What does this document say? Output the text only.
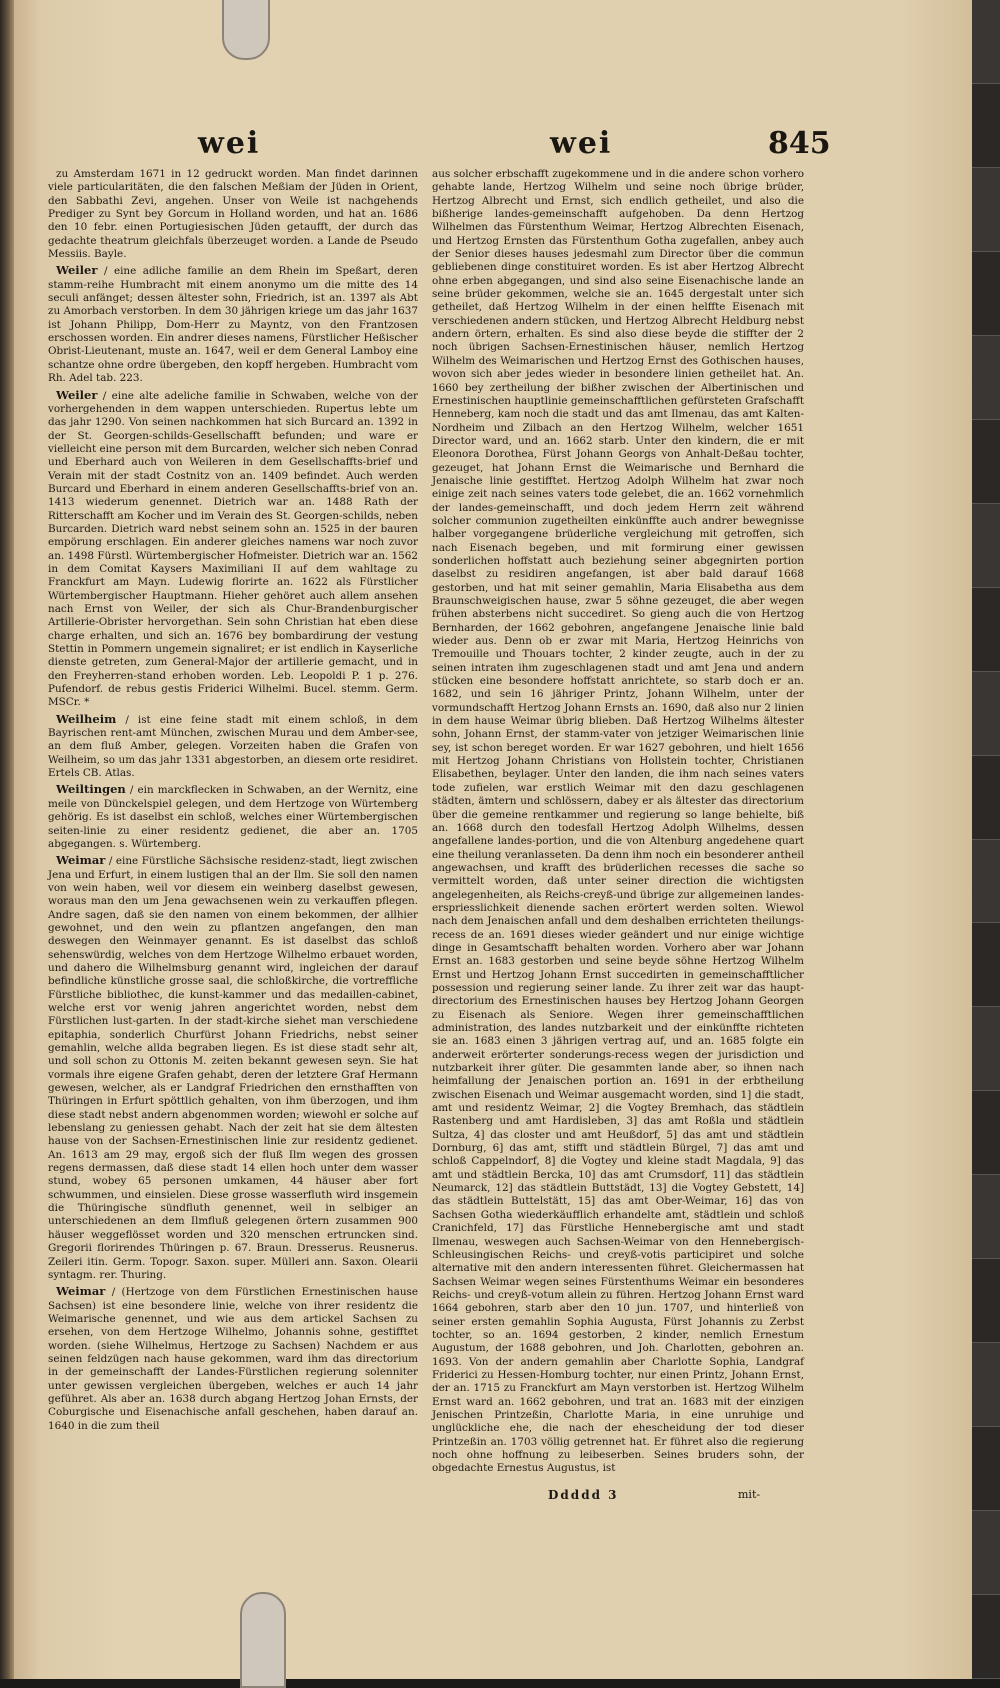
wei	wei	845

zu Amsterdam 1671 in 12 gedruckt worden. Man findet darinnen viele particularitäten, die den falschen Meßiam der Jüden in Orient, den Sabbathi Zevi, angehen. Unser von Weile ist nachgehends Prediger zu Synt bey Gorcum in Holland worden, und hat an. 1686 den 10 febr. einen Portugiesischen Jüden getaufft, der durch das gedachte theatrum gleichfals überzeuget worden. a Lande de Pseudo Messiis. Bayle.

Weiler / eine adliche familie an dem Rhein im Speßart, deren stamm-reihe Humbracht mit einem anonymo um die mitte des 14 seculi anfänget; dessen ältester sohn, Friedrich, ist an. 1397 als Abt zu Amorbach verstorben. In dem 30 jährigen kriege um das jahr 1637 ist Johann Philipp, Dom-Herr zu Mayntz, von den Frantzosen erschossen worden. Ein andrer dieses namens, Fürstlicher Heßischer Obrist-Lieutenant, muste an. 1647, weil er dem General Lamboy eine schantze ohne ordre übergeben, den kopff hergeben. Humbracht vom Rh. Adel tab. 223.

Weiler / eine alte adeliche familie in Schwaben, welche von der vorhergehenden in dem wappen unterschieden. Rupertus lebte um das jahr 1290. Von seinen nachkommen hat sich Burcard an. 1392 in der St. Georgen-schilds-Gesellschafft befunden; und ware er vielleicht eine person mit dem Burcarden, welcher sich neben Conrad und Eberhard auch von Weileren in dem Gesellschaffts-brief und Verain mit der stadt Costnitz von an. 1409 befindet. Auch werden Burcard und Eberhard in einem anderen Gesellschaffts-brief von an. 1413 wiederum genennet. Dietrich war an. 1488 Rath der Ritterschafft am Kocher und im Verain des St. Georgen-schilds, neben Burcarden. Dietrich ward nebst seinem sohn an. 1525 in der bauren empörung erschlagen. Ein anderer gleiches namens war noch zuvor an. 1498 Fürstl. Würtembergischer Hofmeister. Dietrich war an. 1562 in dem Comitat Kaysers Maximiliani II auf dem wahltage zu Franckfurt am Mayn. Ludewig florirte an. 1622 als Fürstlicher Würtembergischer Hauptmann. Hieher gehöret auch allem ansehen nach Ernst von Weiler, der sich als Chur-Brandenburgischer Artillerie-Obrister hervorgethan. Sein sohn Christian hat eben diese charge erhalten, und sich an. 1676 bey bombardirung der vestung Stettin in Pommern ungemein signaliret; er ist endlich in Kayserliche dienste getreten, zum General-Major der artillerie gemacht, und in den Freyherren-stand erhoben worden. Leb. Leopoldi P. 1 p. 276. Pufendorf. de rebus gestis Friderici Wilhelmi. Bucel. stemm. Germ. MSCr. *

Weilheim / ist eine feine stadt mit einem schloß, in dem Bayrischen rent-amt München, zwischen Murau und dem Amber-see, an dem fluß Amber, gelegen. Vorzeiten haben die Grafen von Weilheim, so um das jahr 1331 abgestorben, an diesem orte residiret. Ertels CB. Atlas.

Weiltingen / ein marckflecken in Schwaben, an der Wernitz, eine meile von Dünckelspiel gelegen, und dem Hertzoge von Würtemberg gehörig. Es ist daselbst ein schloß, welches einer Würtembergischen seiten-linie zu einer residentz gedienet, die aber an. 1705 abgegangen. s. Würtemberg.

Weimar / eine Fürstliche Sächsische residenz-stadt, liegt zwischen Jena und Erfurt, in einem lustigen thal an der Ilm. Sie soll den namen von wein haben, weil vor diesem ein weinberg daselbst gewesen, woraus man den um Jena gewachsenen wein zu verkauffen pflegen. Andre sagen, daß sie den namen von einem bekommen, der allhier gewohnet, und den wein zu pflantzen angefangen, den man deswegen den Weinmayer genannt. Es ist daselbst das schloß sehenswürdig, welches von dem Hertzoge Wilhelmo erbauet worden, und dahero die Wilhelmsburg genannt wird, ingleichen der darauf befindliche künstliche grosse saal, die schloßkirche, die vortreffliche Fürstliche bibliothec, die kunst-kammer und das medaillen-cabinet, welche erst vor wenig jahren angerichtet worden, nebst dem Fürstlichen lust-garten. In der stadt-kirche siehet man verschiedene epitaphia, sonderlich Churfürst Johann Friedrichs, nebst seiner gemahlin, welche allda begraben liegen. Es ist diese stadt sehr alt, und soll schon zu Ottonis M. zeiten bekannt gewesen seyn. Sie hat vormals ihre eigene Grafen gehabt, deren der letztere Graf Hermann gewesen, welcher, als er Landgraf Friedrichen den ernsthafften von Thüringen in Erfurt spöttlich gehalten, von ihm überzogen, und ihm diese stadt nebst andern abgenommen worden; wiewohl er solche auf lebenslang zu geniessen gehabt. Nach der zeit hat sie dem ältesten hause von der Sachsen-Ernestinischen linie zur residentz gedienet. An. 1613 am 29 may, ergoß sich der fluß Ilm wegen des grossen regens dermassen, daß diese stadt 14 ellen hoch unter dem wasser stund, wobey 65 personen umkamen, 44 häuser aber fort schwummen, und einsielen. Diese grosse wasserfluth wird insgemein die Thüringische sündfluth genennet, weil in selbiger an unterschiedenen an dem Ilmfluß gelegenen örtern zusammen 900 häuser weggeflösset worden und 320 menschen ertruncken sind. Gregorii florirendes Thüringen p. 67. Braun. Dresserus. Reusnerus. Zeileri itin. Germ. Topogr. Saxon. super. Mülleri ann. Saxon. Olearii syntagm. rer. Thuring.

Weimar / (Hertzoge von dem Fürstlichen Ernestinischen hause Sachsen) ist eine besondere linie, welche von ihrer residentz die Weimarische genennet, und wie aus dem artickel Sachsen zu ersehen, von dem Hertzoge Wilhelmo, Johannis sohne, gestifftet worden. (siehe Wilhelmus, Hertzoge zu Sachsen) Nachdem er aus seinen feldzügen nach hause gekommen, ward ihm das directorium in der gemeinschafft der Landes-Fürstlichen regierung solenniter unter gewissen vergleichen übergeben, welches er auch 14 jahr geführet. Als aber an. 1638 durch abgang Hertzog Johan Ernsts, der Coburgische und Eisenachische anfall geschehen, haben darauf an. 1640 in die zum theil

aus solcher erbschafft zugekommene und in die andere schon vorhero gehabte lande, Hertzog Wilhelm und seine noch übrige brüder, Hertzog Albrecht und Ernst, sich endlich getheilet, und also die bißherige landes-gemeinschafft aufgehoben. Da denn Hertzog Wilhelmen das Fürstenthum Weimar, Hertzog Albrechten Eisenach, und Hertzog Ernsten das Fürstenthum Gotha zugefallen, anbey auch der Senior dieses hauses jedesmahl zum Director über die commun gebliebenen dinge constituiret worden. Es ist aber Hertzog Albrecht ohne erben abgegangen, und sind also seine Eisenachische lande an seine brüder gekommen, welche sie an. 1645 dergestalt unter sich getheilet, daß Hertzog Wilhelm in der einen helffte Eisenach mit verschiedenen andern stücken, und Hertzog Albrecht Heldburg nebst andern örtern, erhalten. Es sind also diese beyde die stiffter der 2 noch übrigen Sachsen-Ernestinischen häuser, nemlich Hertzog Wilhelm des Weimarischen und Hertzog Ernst des Gothischen hauses, wovon sich aber jedes wieder in besondere linien getheilet hat. An. 1660 bey zertheilung der bißher zwischen der Albertinischen und Ernestinischen hauptlinie gemeinschafftlichen gefürsteten Grafschafft Henneberg, kam noch die stadt und das amt Ilmenau, das amt Kalten-Nordheim und Zilbach an den Hertzog Wilhelm, welcher 1651 Director ward, und an. 1662 starb. Unter den kindern, die er mit Eleonora Dorothea, Fürst Johann Georgs von Anhalt-Deßau tochter, gezeuget, hat Johann Ernst die Weimarische und Bernhard die Jenaische linie gestifftet. Hertzog Adolph Wilhelm hat zwar noch einige zeit nach seines vaters tode gelebet, die an. 1662 vornehmlich der landes-gemeinschafft, und doch jedem Herrn zeit während solcher communion zugetheilten einkünffte auch andrer bewegnisse halber vorgegangene brüderliche vergleichung mit getroffen, sich nach Eisenach begeben, und mit formirung einer gewissen sonderlichen hoffstatt auch beziehung seiner abgegnirten portion daselbst zu residiren angefangen, ist aber bald darauf 1668 gestorben, und hat mit seiner gemahlin, Maria Elisabetha aus dem Braunschweigischen hause, zwar 5 söhne gezeuget, die aber wegen frühen absterbens nicht succediret. So gieng auch die von Hertzog Bernharden, der 1662 gebohren, angefangene Jenaische linie bald wieder aus. Denn ob er zwar mit Maria, Hertzog Heinrichs von Tremouille und Thouars tochter, 2 kinder zeugte, auch in der zu seinen intraten ihm zugeschlagenen stadt und amt Jena und andern stücken eine besondere hoffstatt anrichtete, so starb doch er an. 1682, und sein 16 jähriger Printz, Johann Wilhelm, unter der vormundschafft Hertzog Johann Ernsts an. 1690, daß also nur 2 linien in dem hause Weimar übrig blieben. Daß Hertzog Wilhelms ältester sohn, Johann Ernst, der stamm-vater von jetziger Weimarischen linie sey, ist schon bereget worden. Er war 1627 gebohren, und hielt 1656 mit Hertzog Johann Christians von Hollstein tochter, Christianen Elisabethen, beylager. Unter den landen, die ihm nach seines vaters tode zufielen, war erstlich Weimar mit den dazu geschlagenen städten, ämtern und schlössern, dabey er als ältester das directorium über die gemeine rentkammer und regierung so lange behielte, biß an. 1668 durch den todesfall Hertzog Adolph Wilhelms, dessen angefallene landes-portion, und die von Altenburg angedehene quart eine theilung veranlasseten. Da denn ihm noch ein besonderer antheil angewachsen, und krafft des brüderlichen recesses die sache so vermittelt worden, daß unter seiner direction die wichtigsten angelegenheiten, als Reichs-creyß-und übrige zur allgemeinen landes-erspriesslichkeit dienende sachen erörtert werden solten. Wiewol nach dem Jenaischen anfall und dem deshalben errichteten theilungs-recess de an. 1691 dieses wieder geändert und nur einige wichtige dinge in Gesamtschafft behalten worden. Vorhero aber war Johann Ernst an. 1683 gestorben und seine beyde söhne Hertzog Wilhelm Ernst und Hertzog Johann Ernst succedirten in gemeinschafftlicher possession und regierung seiner lande. Zu ihrer zeit war das haupt-directorium des Ernestinischen hauses bey Hertzog Johann Georgen zu Eisenach als Seniore. Wegen ihrer gemeinschafftlichen administration, des landes nutzbarkeit und der einkünffte richteten sie an. 1683 einen 3 jährigen vertrag auf, und an. 1685 folgte ein anderweit erörterter sonderungs-recess wegen der jurisdiction und nutzbarkeit ihrer güter. Die gesammten lande aber, so ihnen nach heimfallung der Jenaischen portion an. 1691 in der erbtheilung zwischen Eisenach und Weimar ausgemacht worden, sind 1] die stadt, amt und residentz Weimar, 2] die Vogtey Bremhach, das städtlein Rastenberg und amt Hardisleben, 3] das amt Roßla und städtlein Sultza, 4] das closter und amt Heußdorf, 5] das amt und städtlein Dornburg, 6] das amt, stifft und städtlein Bürgel, 7] das amt und schloß Cappelndorf, 8] die Vogtey und kleine stadt Magdala, 9] das amt und städtlein Bercka, 10] das amt Crumsdorf, 11] das städtlein Neumarck, 12] das städtlein Buttstädt, 13] die Vogtey Gebstett, 14] das städtlein Buttelstätt, 15] das amt Ober-Weimar, 16] das von Sachsen Gotha wiederkäufflich erhandelte amt, städtlein und schloß Cranichfeld, 17] das Fürstliche Hennebergische amt und stadt Ilmenau, weswegen auch Sachsen-Weimar von den Hennebergisch-Schleusingischen Reichs- und creyß-votis participiret und solche alternative mit den andern interessenten führet. Gleichermassen hat Sachsen Weimar wegen seines Fürstenthums Weimar ein besonderes Reichs- und creyß-votum allein zu führen. Hertzog Johann Ernst ward 1664 gebohren, starb aber den 10 jun. 1707, und hinterließ von seiner ersten gemahlin Sophia Augusta, Fürst Johannis zu Zerbst tochter, so an. 1694 gestorben, 2 kinder, nemlich Ernestum Augustum, der 1688 gebohren, und Joh. Charlotten, gebohren an. 1693. Von der andern gemahlin aber Charlotte Sophia, Landgraf Friderici zu Hessen-Homburg tochter, nur einen Printz, Johann Ernst, der an. 1715 zu Franckfurt am Mayn verstorben ist. Hertzog Wilhelm Ernst ward an. 1662 gebohren, und trat an. 1683 mit der einzigen Jenischen Printzeßin, Charlotte Maria, in eine unruhige und unglückliche ehe, die nach der ehescheidung der tod dieser Printzeßin an. 1703 völlig getrennet hat. Er führet also die regierung noch ohne hoffnung zu leibeserben. Seines bruders sohn, der obgedachte Ernestus Augustus, ist

Ddddd 3	mit-
